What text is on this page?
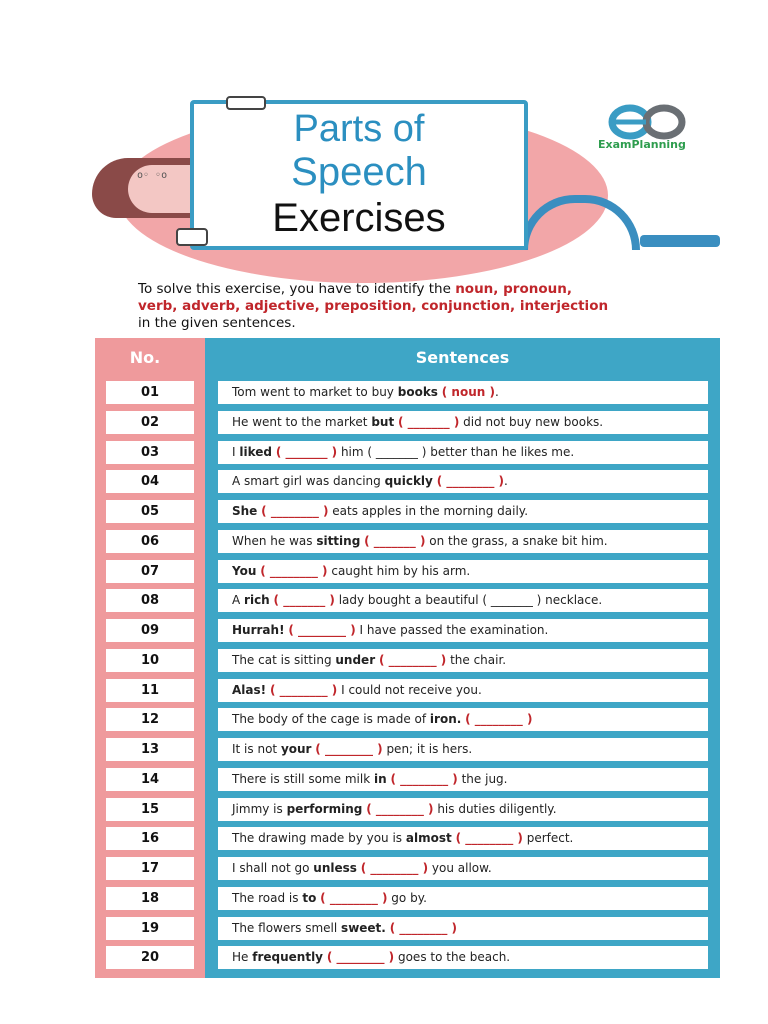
o◦ ◦o
Parts of
Speech
Exercises
ExamPlanning
To solve this exercise, you have to identify the noun, pronoun,
verb, adverb, adjective, preposition, conjunction, interjection
in the given sentences.
No.	Sentences
01	Tom went to market to buy books ( noun ).
02	He went to the market but ( _______ ) did not buy new books.
03	I liked ( _______ ) him ( _______ ) better than he likes me.
04	A smart girl was dancing quickly ( ________ ).
05	She ( ________ ) eats apples in the morning daily.
06	When he was sitting ( _______ ) on the grass, a snake bit him.
07	You ( ________ ) caught him by his arm.
08	A rich ( _______ ) lady bought a beautiful ( _______ ) necklace.
09	Hurrah! ( ________ ) I have passed the examination.
10	The cat is sitting under ( ________ ) the chair.
11	Alas! ( ________ ) I could not receive you.
12	The body of the cage is made of iron. ( ________ )
13	It is not your ( ________ ) pen; it is hers.
14	There is still some milk in ( ________ ) the jug.
15	Jimmy is performing ( ________ ) his duties diligently.
16	The drawing made by you is almost ( ________ ) perfect.
17	I shall not go unless ( ________ ) you allow.
18	The road is to ( ________ ) go by.
19	The flowers smell sweet. ( ________ )
20	He frequently ( ________ ) goes to the beach.
